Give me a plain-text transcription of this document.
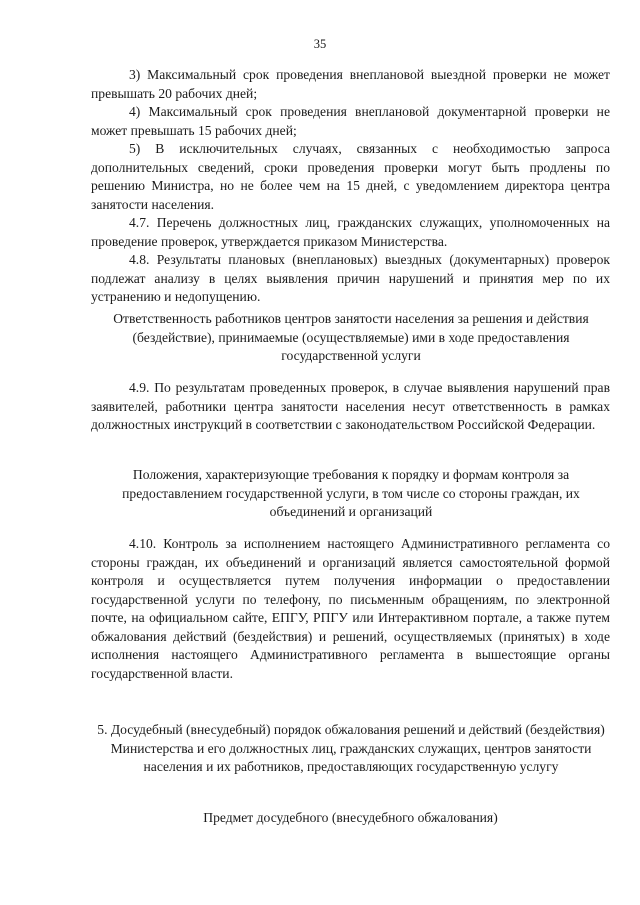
35

3) Максимальный срок проведения внеплановой выездной проверки не может превышать 20 рабочих дней;

4) Максимальный срок проведения внеплановой документарной проверки не может превышать 15 рабочих дней;

5) В исключительных случаях, связанных с необходимостью запроса дополнительных сведений, сроки проведения проверки могут быть продлены по решению Министра, но не более чем на 15 дней, с уведомлением директора центра занятости населения.

4.7. Перечень должностных лиц, гражданских служащих, уполномоченных на проведение проверок, утверждается приказом Министерства.

4.8. Результаты плановых (внеплановых) выездных (документарных) проверок подлежат анализу в целях выявления причин нарушений и принятия мер по их устранению и недопущению.

Ответственность работников центров занятости населения за решения и действия (бездействие), принимаемые (осуществляемые) ими в ходе предоставления государственной услуги

4.9. По результатам проведенных проверок, в случае выявления нарушений прав заявителей, работники центра занятости населения несут ответственность в рамках должностных инструкций в соответствии с законодательством Российской Федерации.

Положения, характеризующие требования к порядку и формам контроля за предоставлением государственной услуги, в том числе со стороны граждан, их объединений и организаций

4.10. Контроль за исполнением настоящего Административного регламента со стороны граждан, их объединений и организаций является самостоятельной формой контроля и осуществляется путем получения информации о предоставлении государственной услуги по телефону, по письменным обращениям, по электронной почте, на официальном сайте, ЕПГУ, РПГУ или Интерактивном портале, а также путем обжалования действий (бездействия) и решений, осуществляемых (принятых) в ходе исполнения настоящего Административного регламента в вышестоящие органы государственной власти.

5. Досудебный (внесудебный) порядок обжалования решений и действий (бездействия) Министерства и его должностных лиц, гражданских служащих, центров занятости населения и их работников, предоставляющих государственную услугу

Предмет досудебного (внесудебного обжалования)
